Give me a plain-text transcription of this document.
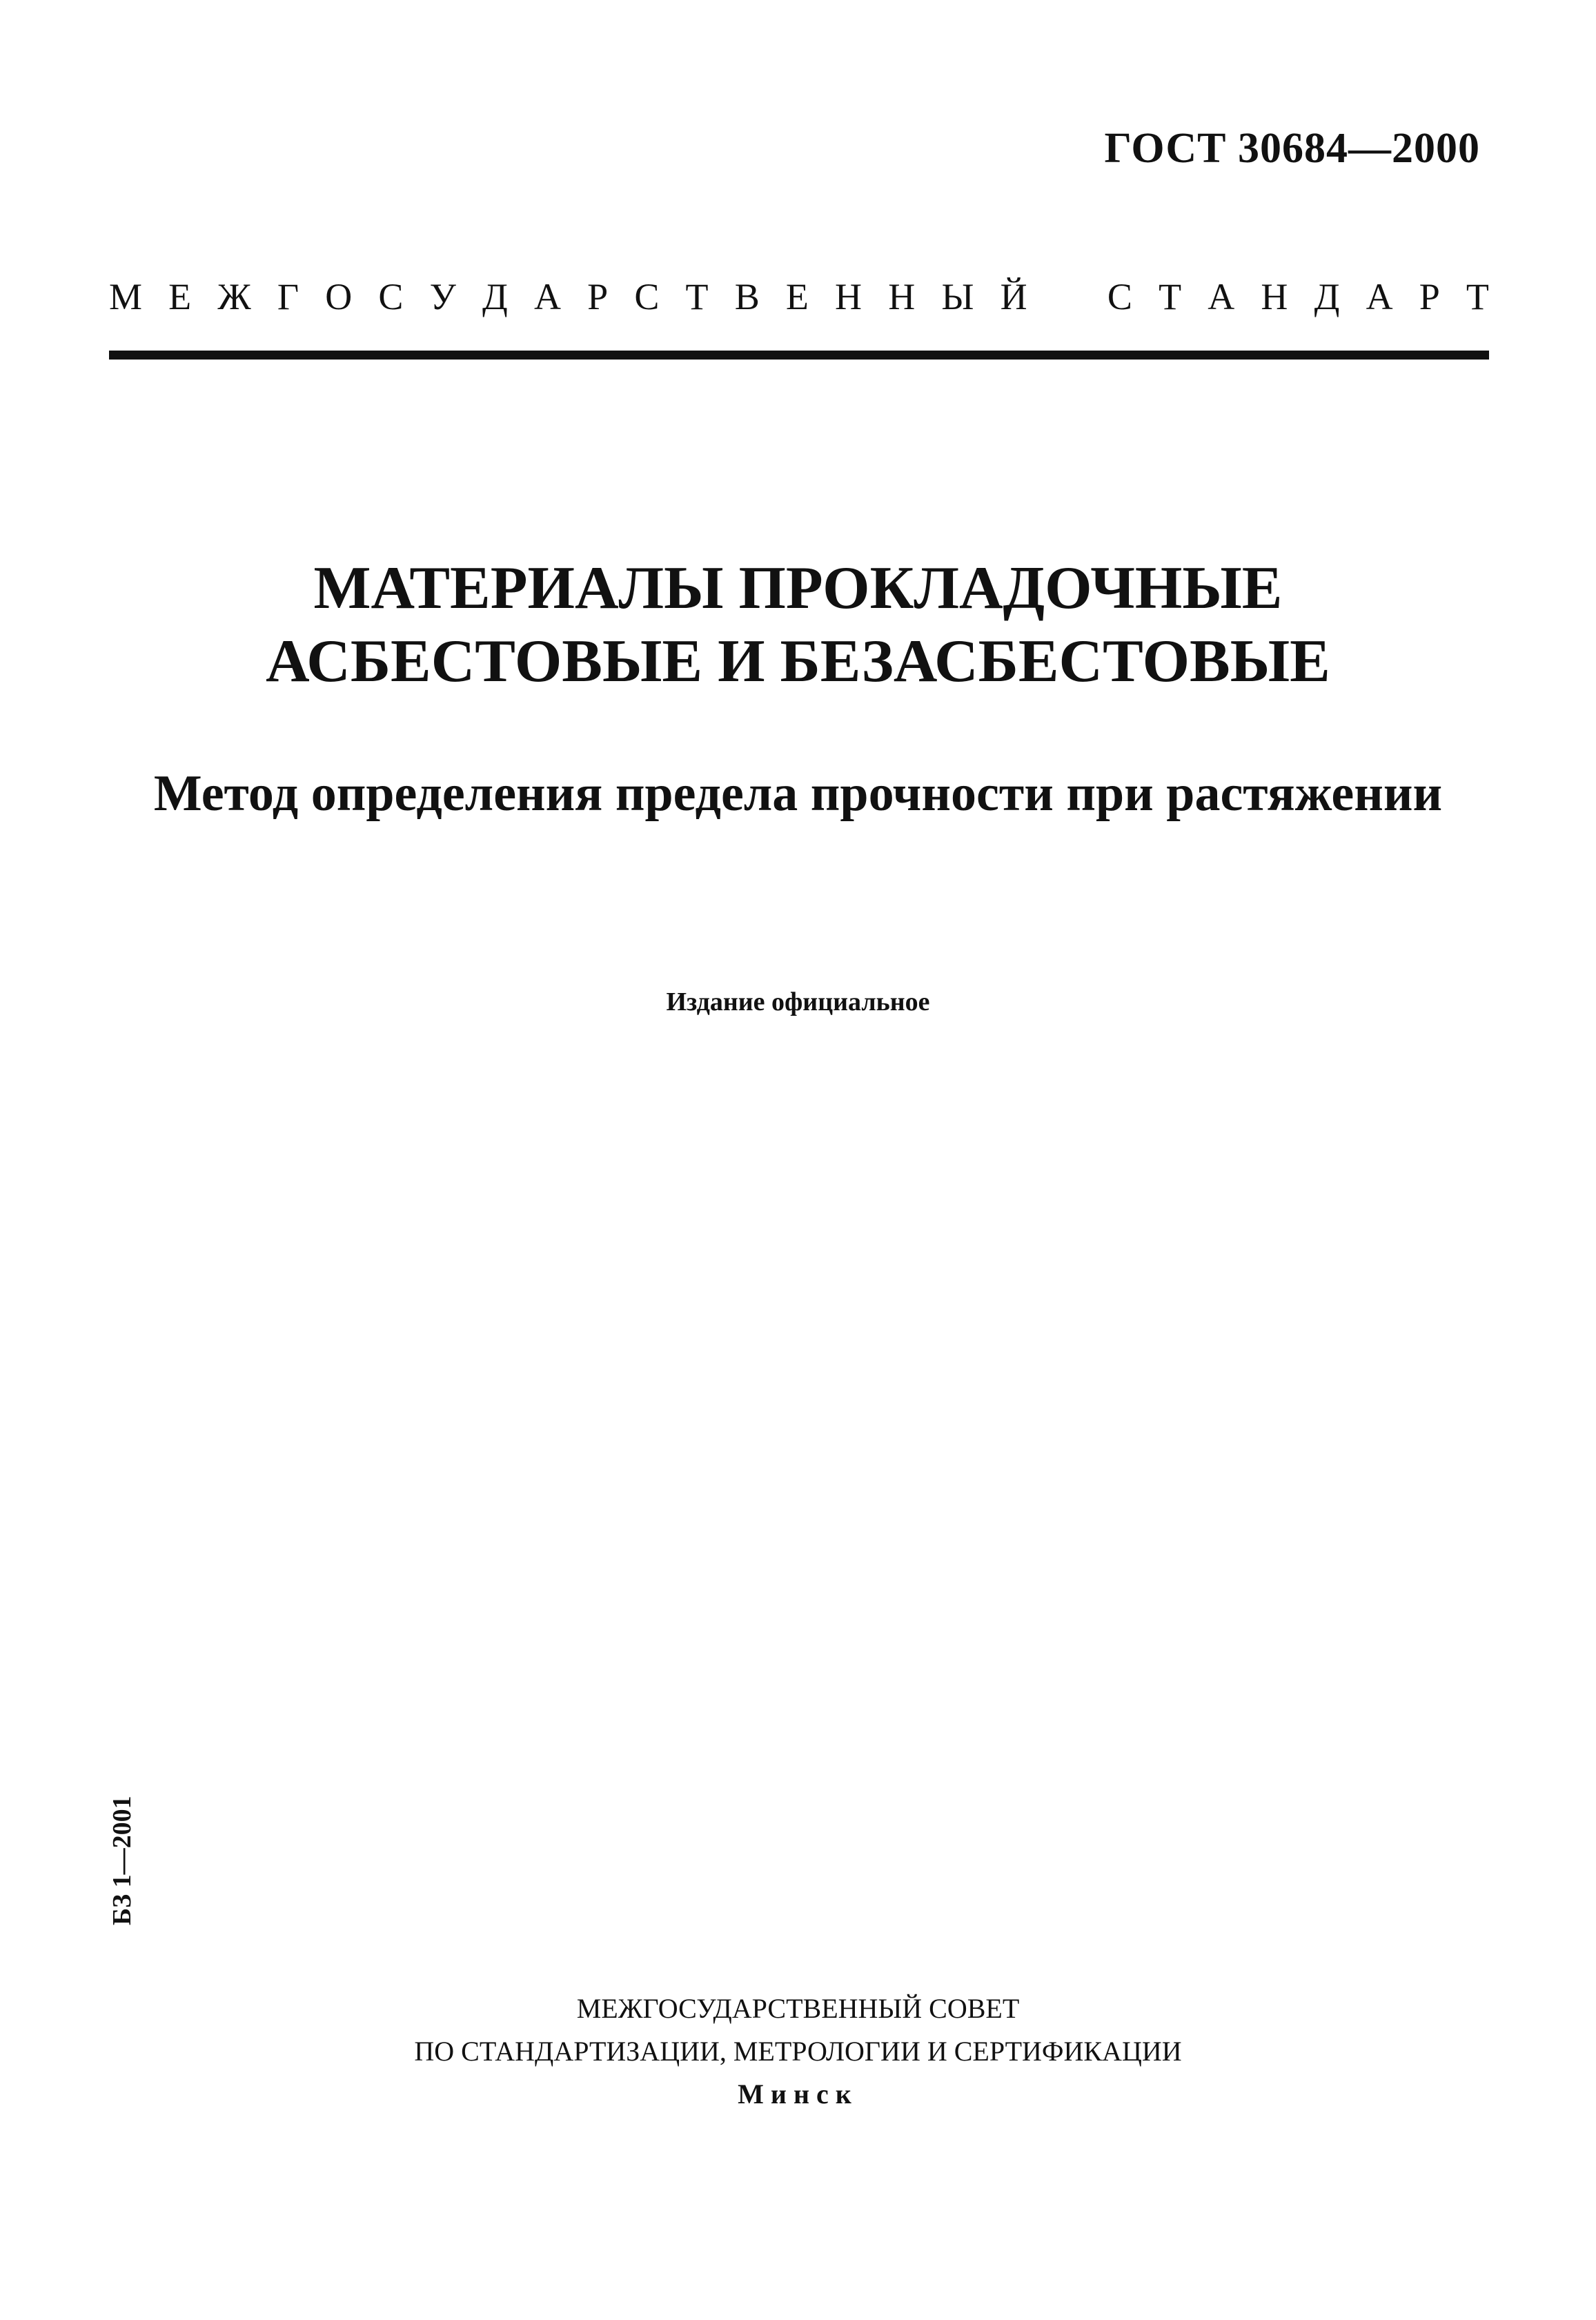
ГОСТ 30684—2000
М Е Ж Г О С У Д А Р С Т В Е Н Н Ы Й С Т А Н Д А Р Т
МАТЕРИАЛЫ ПРОКЛАДОЧНЫЕ
АСБЕСТОВЫЕ И БЕЗАСБЕСТОВЫЕ
Метод определения предела прочности при растяжении
Издание официальное
БЗ 1—2001
МЕЖГОСУДАРСТВЕННЫЙ СОВЕТ
ПО СТАНДАРТИЗАЦИИ, МЕТРОЛОГИИ И СЕРТИФИКАЦИИ
Минск
